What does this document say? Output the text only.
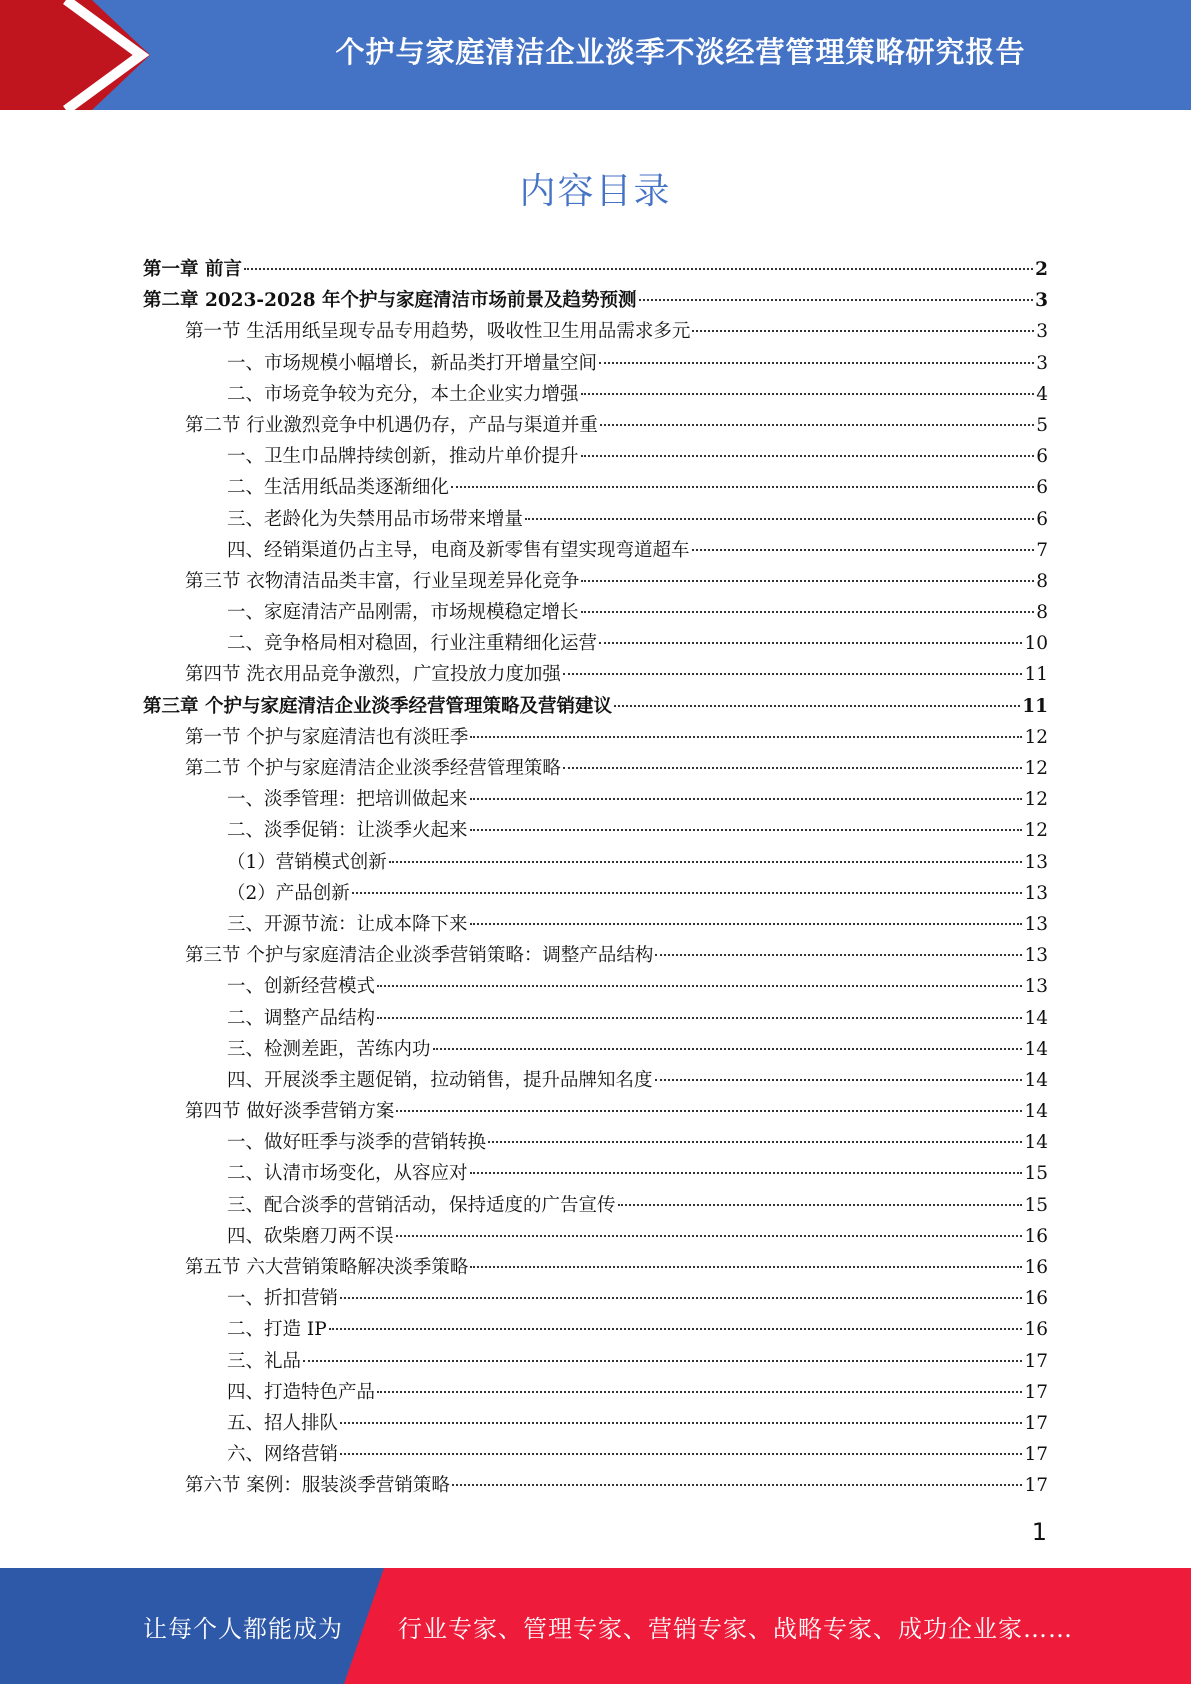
个护与家庭清洁企业淡季不淡经营管理策略研究报告
内容目录
第一章 前言	2
第二章 2023-2028 年个护与家庭清洁市场前景及趋势预测	3
第一节 生活用纸呈现专品专用趋势，吸收性卫生用品需求多元	3
一、市场规模小幅增长，新品类打开增量空间	3
二、市场竞争较为充分，本土企业实力增强	4
第二节 行业激烈竞争中机遇仍存，产品与渠道并重	5
一、卫生巾品牌持续创新，推动片单价提升	6
二、生活用纸品类逐渐细化	6
三、老龄化为失禁用品市场带来增量	6
四、经销渠道仍占主导，电商及新零售有望实现弯道超车	7
第三节 衣物清洁品类丰富，行业呈现差异化竞争	8
一、家庭清洁产品刚需，市场规模稳定增长	8
二、竞争格局相对稳固，行业注重精细化运营	10
第四节 洗衣用品竞争激烈，广宣投放力度加强	11
第三章 个护与家庭清洁企业淡季经营管理策略及营销建议	11
第一节 个护与家庭清洁也有淡旺季	12
第二节 个护与家庭清洁企业淡季经营管理策略	12
一、淡季管理：把培训做起来	12
二、淡季促销：让淡季火起来	12
（1）营销模式创新	13
（2）产品创新	13
三、开源节流：让成本降下来	13
第三节 个护与家庭清洁企业淡季营销策略：调整产品结构	13
一、创新经营模式	13
二、调整产品结构	14
三、检测差距，苦练内功	14
四、开展淡季主题促销，拉动销售，提升品牌知名度	14
第四节 做好淡季营销方案	14
一、做好旺季与淡季的营销转换	14
二、认清市场变化，从容应对	15
三、配合淡季的营销活动，保持适度的广告宣传	15
四、砍柴磨刀两不误	16
第五节 六大营销策略解决淡季策略	16
一、折扣营销	16
二、打造 IP	16
三、礼品	17
四、打造特色产品	17
五、招人排队	17
六、网络营销	17
第六节 案例：服装淡季营销策略	17
1
让每个人都能成为 行业专家、管理专家、营销专家、战略专家、成功企业家……
